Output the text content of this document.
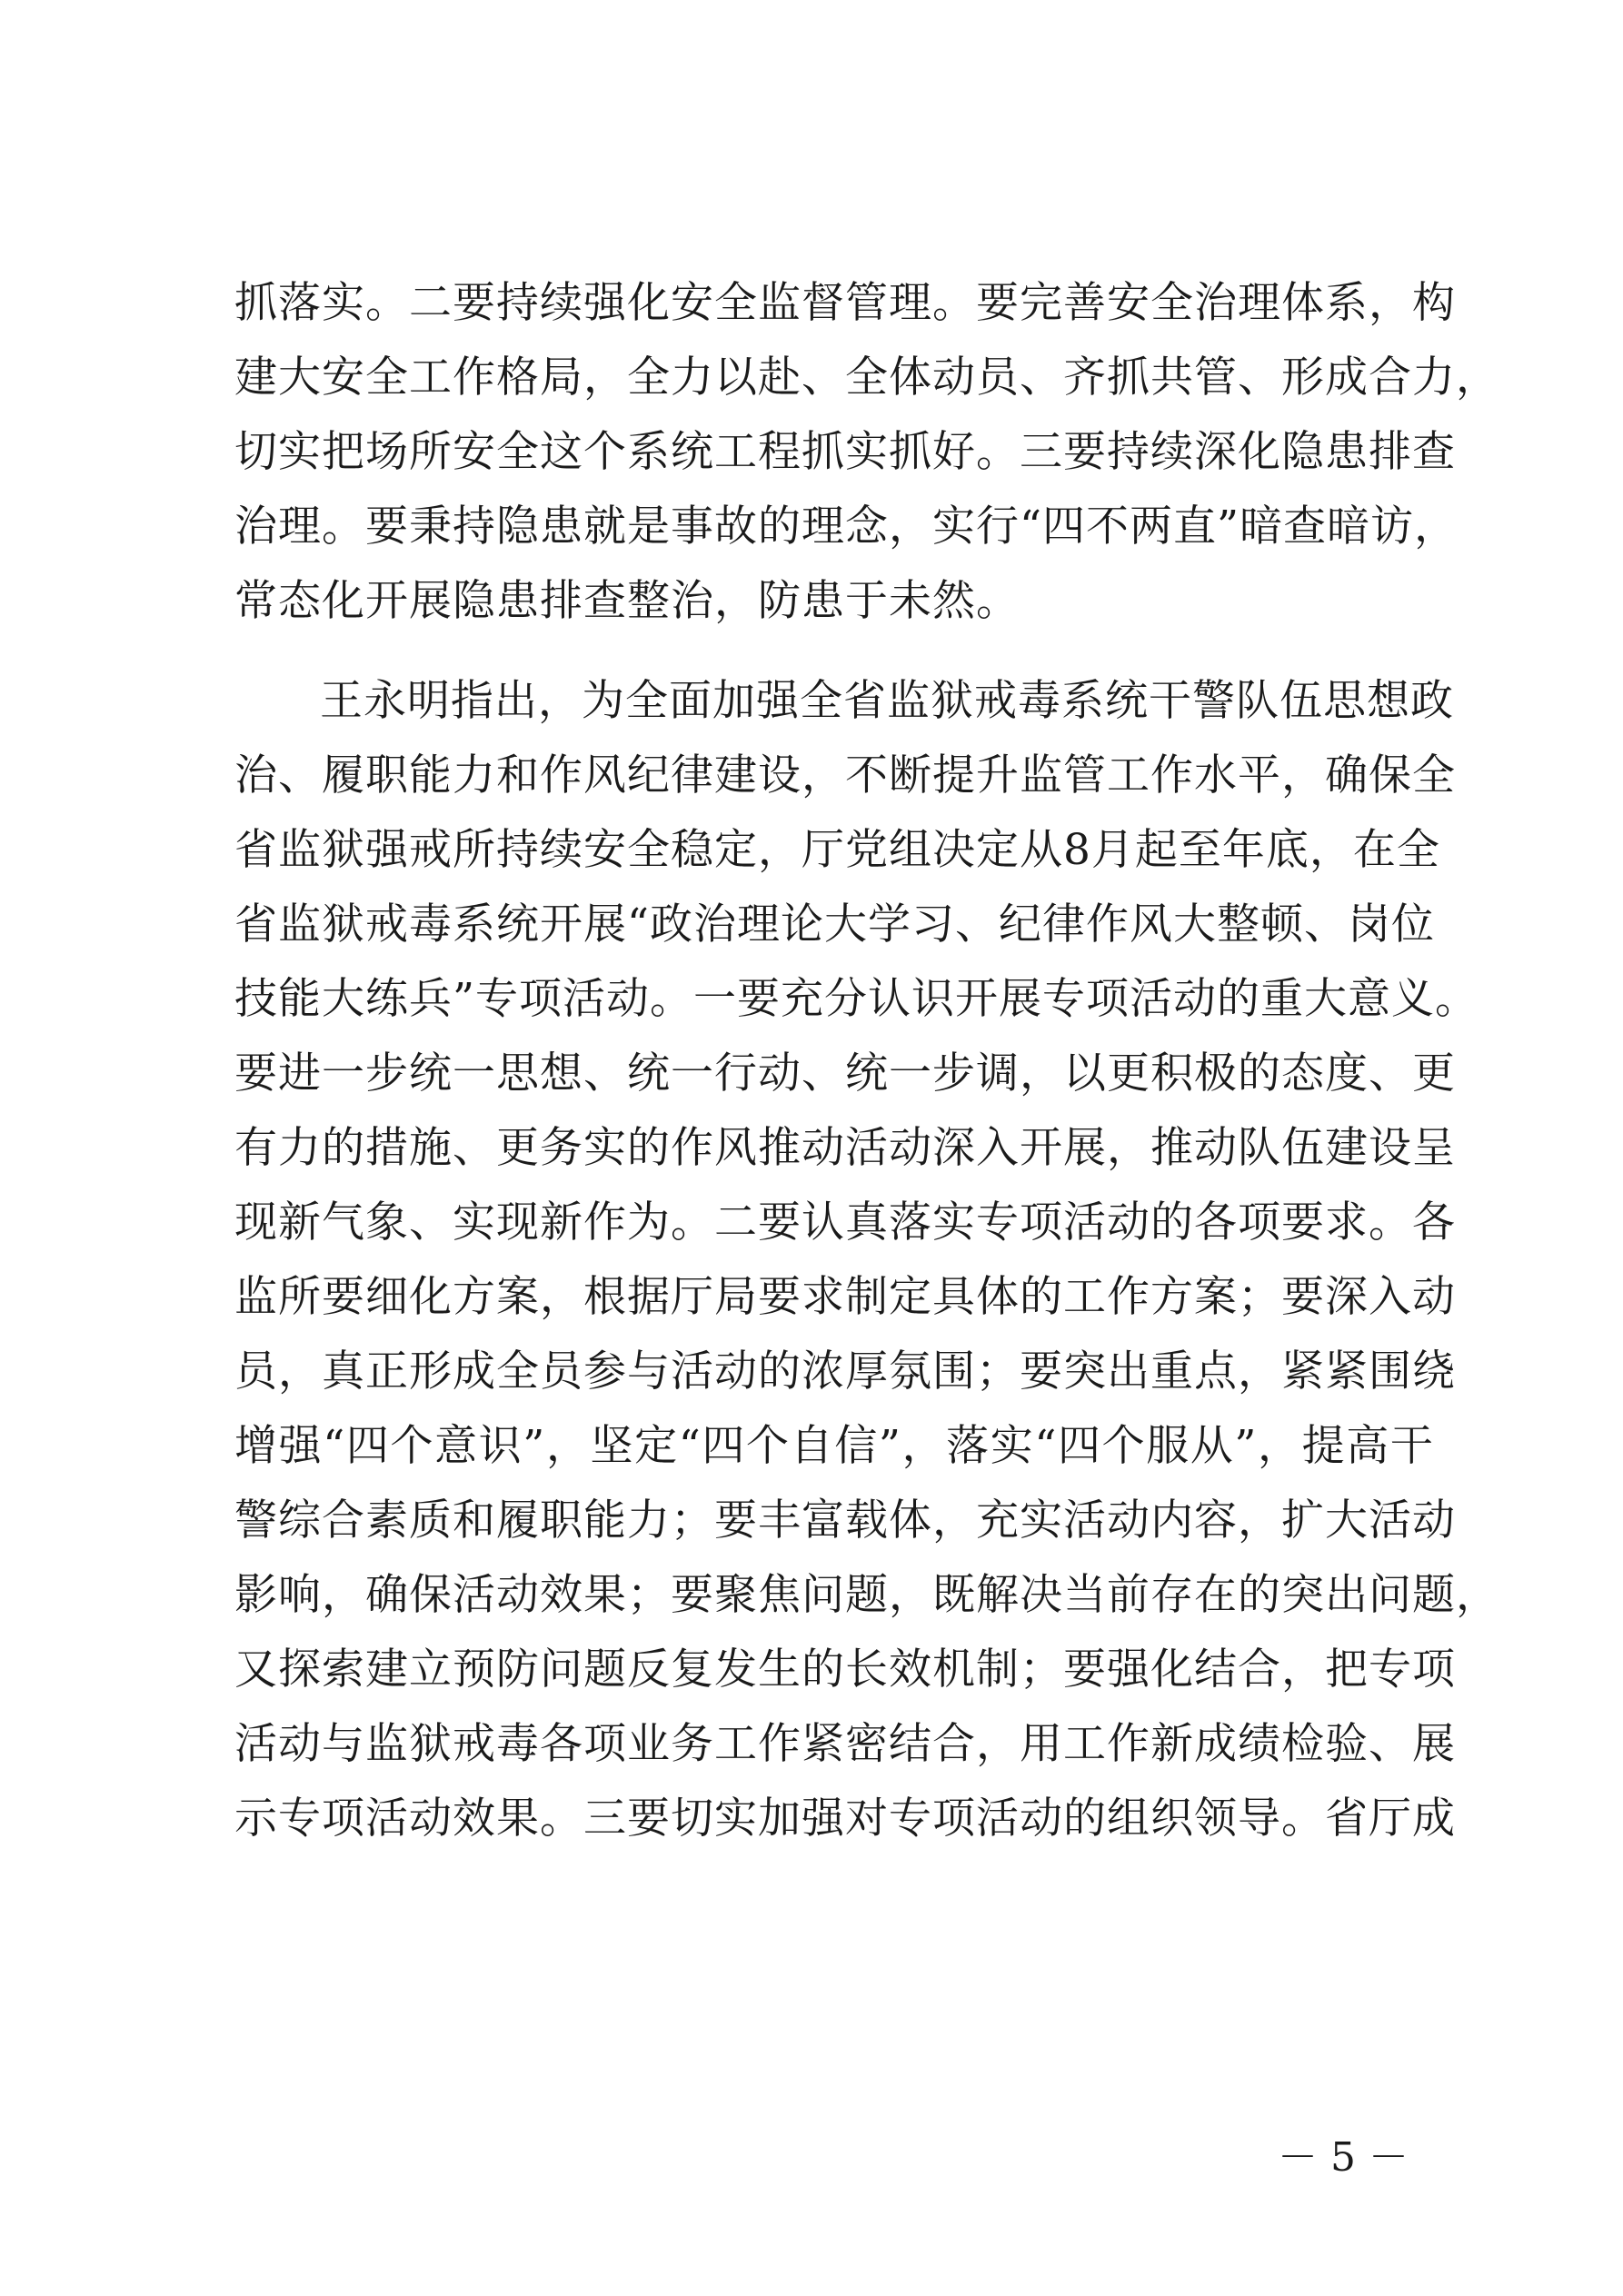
抓 落 实 。 二 要 持 续 强 化 安 全 监 督 管 理 。 要 完 善 安 全 治 理 体 系 ， 构
建 大 安 全 工 作 格 局 ， 全 力 以 赴 、 全 体 动 员 、 齐 抓 共 管 、 形 成 合 力 ，
切 实 把 场 所 安 全 这 个 系 统 工 程 抓 实 抓 好 。 三 要 持 续 深 化 隐 患 排 查
治 理 。 要 秉 持 隐 患 就 是 事 故 的 理 念 ， 实 行 “ 四 不 两 直 ” 暗 查 暗 访 ，
常态化开展隐患排查整治，防患于未然。
王 永 明 指 出 ， 为 全 面 加 强 全 省 监 狱 戒 毒 系 统 干 警 队 伍 思 想 政
治 、 履 职 能 力 和 作 风 纪 律 建 设 ， 不 断 提 升 监 管 工 作 水 平 ， 确 保 全
省 监 狱 强 戒 所 持 续 安 全 稳 定 ， 厅 党 组 决 定 从 8 月 起 至 年 底 ， 在 全
省 监 狱 戒 毒 系 统 开 展 “ 政 治 理 论 大 学 习 、 纪 律 作 风 大 整 顿 、 岗 位
技 能 大 练 兵 ” 专 项 活 动 。 一 要 充 分 认 识 开 展 专 项 活 动 的 重 大 意 义 。
要 进 一 步 统 一 思 想 、 统 一 行 动 、 统 一 步 调 ， 以 更 积 极 的 态 度 、 更
有 力 的 措 施 、 更 务 实 的 作 风 推 动 活 动 深 入 开 展 ， 推 动 队 伍 建 设 呈
现 新 气 象 、 实 现 新 作 为 。 二 要 认 真 落 实 专 项 活 动 的 各 项 要 求 。 各
监 所 要 细 化 方 案 ， 根 据 厅 局 要 求 制 定 具 体 的 工 作 方 案 ； 要 深 入 动
员 ， 真 正 形 成 全 员 参 与 活 动 的 浓 厚 氛 围 ； 要 突 出 重 点 ， 紧 紧 围 绕
增 强 “ 四 个 意 识 ” ， 坚 定 “ 四 个 自 信 ” ， 落 实 “ 四 个 服 从 ” ， 提 高 干
警 综 合 素 质 和 履 职 能 力 ； 要 丰 富 载 体 ， 充 实 活 动 内 容 ， 扩 大 活 动
影 响 ， 确 保 活 动 效 果 ； 要 聚 焦 问 题 ， 既 解 决 当 前 存 在 的 突 出 问 题 ，
又 探 索 建 立 预 防 问 题 反 复 发 生 的 长 效 机 制 ； 要 强 化 结 合 ， 把 专 项
活 动 与 监 狱 戒 毒 各 项 业 务 工 作 紧 密 结 合 ， 用 工 作 新 成 绩 检 验 、 展
示 专 项 活 动 效 果 。 三 要 切 实 加 强 对 专 项 活 动 的 组 织 领 导 。 省 厅 成
－ 5 －
